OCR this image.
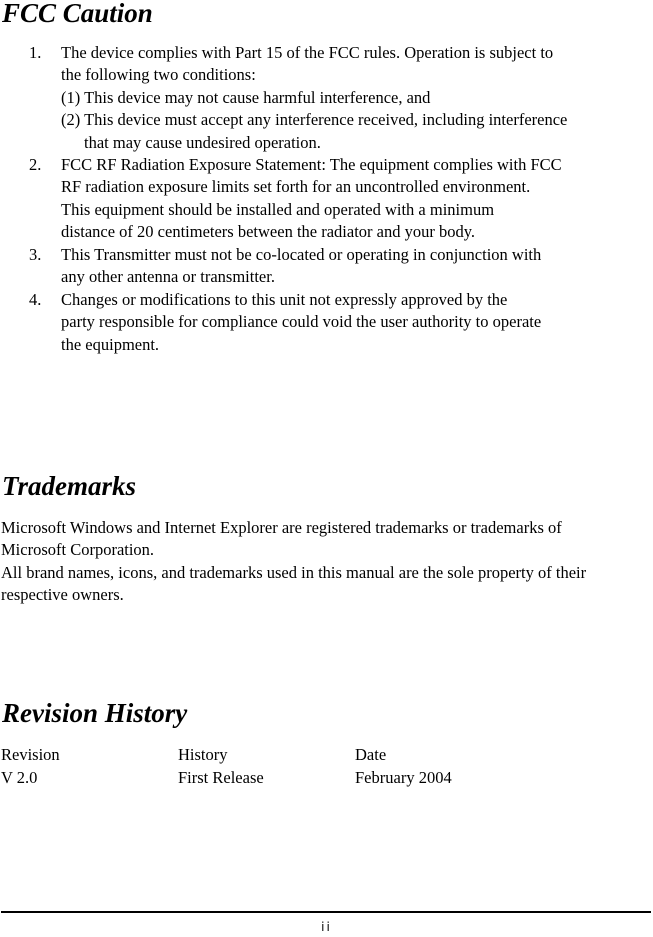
FCC Caution
1. The device complies with Part 15 of the FCC rules. Operation is subject to
the following two conditions:
(1) This device may not cause harmful interference, and
(2) This device must accept any interference received, including interference
that may cause undesired operation.
2. FCC RF Radiation Exposure Statement: The equipment complies with FCC
RF radiation exposure limits set forth for an uncontrolled environment.
This equipment should be installed and operated with a minimum
distance of 20 centimeters between the radiator and your body.
3. This Transmitter must not be co-located or operating in conjunction with
any other antenna or transmitter.
4. Changes or modifications to this unit not expressly approved by the
party responsible for compliance could void the user authority to operate
the equipment.
Trademarks
Microsoft Windows and Internet Explorer are registered trademarks or trademarks of
Microsoft Corporation.
All brand names, icons, and trademarks used in this manual are the sole property of their
respective owners.
Revision History
Revision	History	Date
V 2.0	First Release	February 2004
ii
